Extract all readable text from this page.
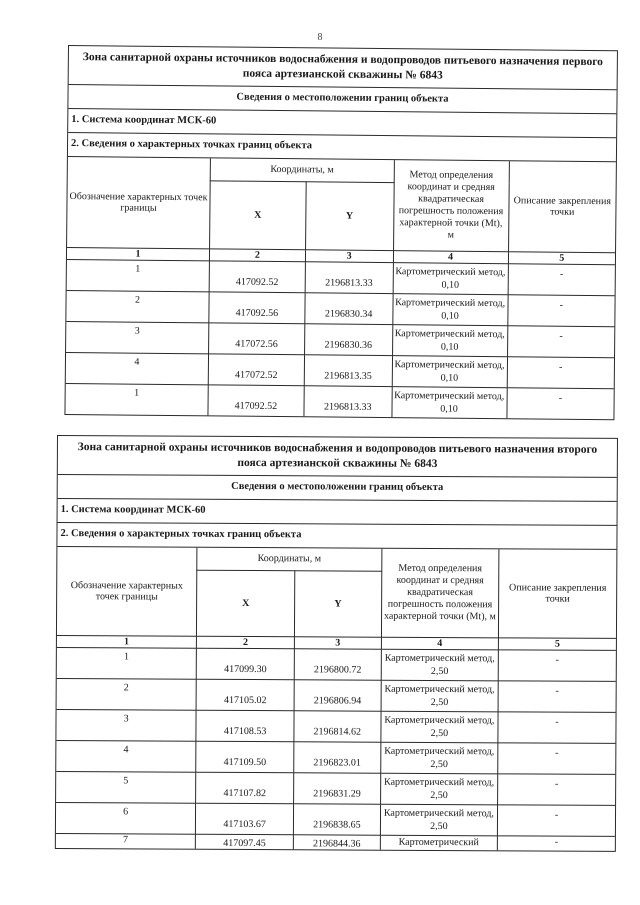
8
Зона санитарной охраны источников водоснабжения и водопроводов питьевого назначения первого пояса артезианской скважины № 6843
Сведения о местоположении границ объекта
1. Система координат МСК-60
2. Сведения о характерных точках границ объекта
Обозначение характерных точек границы	Координаты, м		Метод определения координат и средняя квадратическая погрешность положения характерной точки (Mt), м	Описание закрепления точки
	X	Y		
1	2	3	4	5
1	417092.52	2196813.33	Картометрический метод, 0,10	-
2	417092.56	2196830.34	Картометрический метод, 0,10	-
3	417072.56	2196830.36	Картометрический метод, 0,10	-
4	417072.52	2196813.35	Картометрический метод, 0,10	-
1	417092.52	2196813.33	Картометрический метод, 0,10	-
Зона санитарной охраны источников водоснабжения и водопроводов питьевого назначения второго пояса артезианской скважины № 6843
Сведения о местоположении границ объекта
1. Система координат МСК-60
2. Сведения о характерных точках границ объекта
Обозначение характерных точек границы	Координаты, м		Метод определения координат и средняя квадратическая погрешность положения характерной точки (Mt), м	Описание закрепления точки
	X	Y		
1	2	3	4	5
1	417099.30	2196800.72	Картометрический метод, 2,50	-
2	417105.02	2196806.94	Картометрический метод, 2,50	-
3	417108.53	2196814.62	Картометрический метод, 2,50	-
4	417109.50	2196823.01	Картометрический метод, 2,50	-
5	417107.82	2196831.29	Картометрический метод, 2,50	-
6	417103.67	2196838.65	Картометрический метод, 2,50	-
7	417097.45	2196844.36	Картометрический	-
